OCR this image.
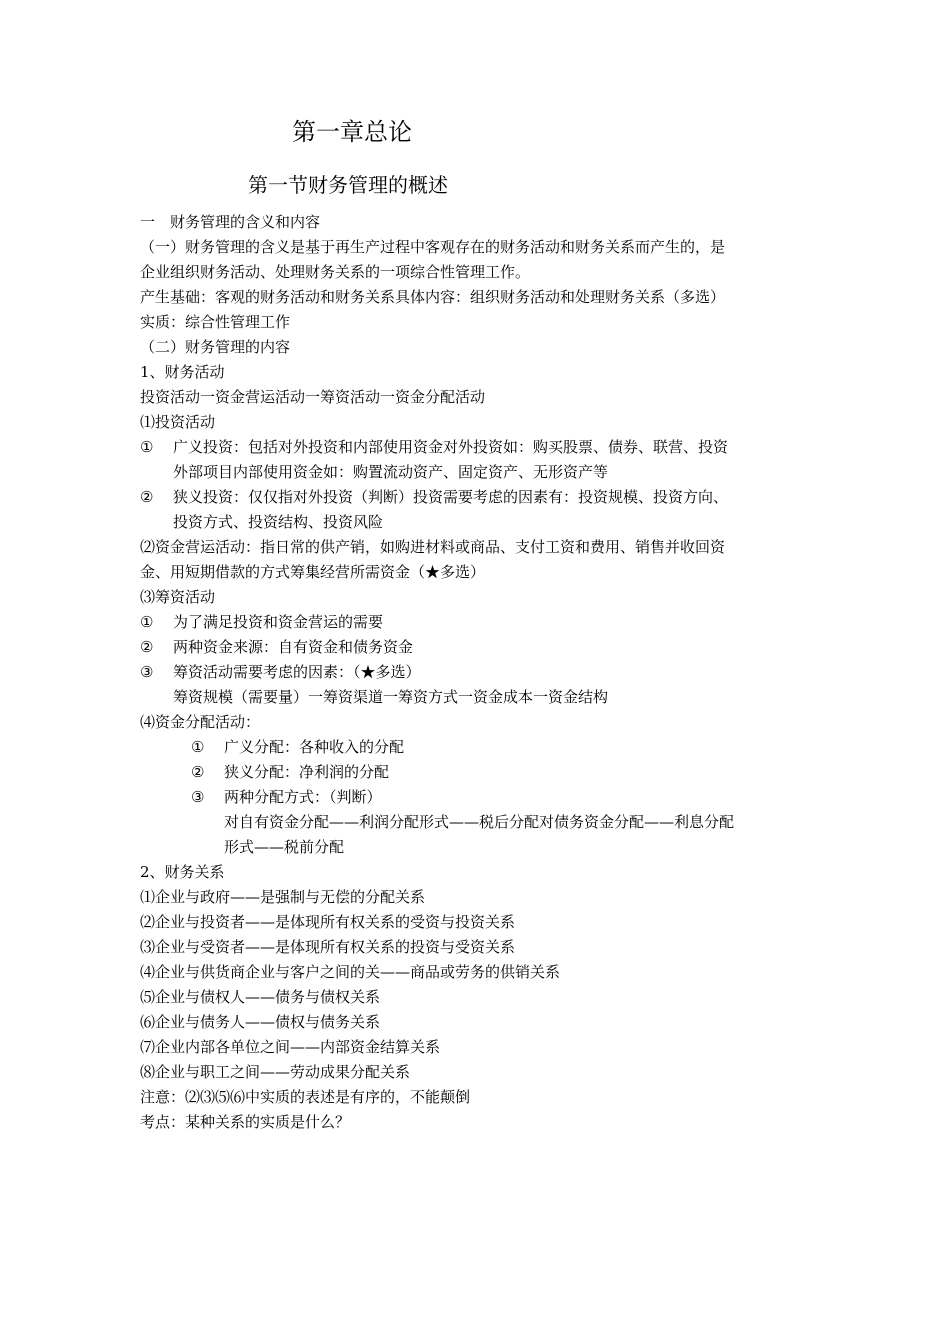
第一章总论
第一节财务管理的概述
一　财务管理的含义和内容
（一）财务管理的含义是基于再生产过程中客观存在的财务活动和财务关系而产生的，是
企业组织财务活动、处理财务关系的一项综合性管理工作。
产生基础：客观的财务活动和财务关系具体内容：组织财务活动和处理财务关系（多选）
实质：综合性管理工作
（二）财务管理的内容
1、财务活动
投资活动一资金营运活动一筹资活动一资金分配活动
⑴投资活动
① 广义投资：包括对外投资和内部使用资金对外投资如：购买股票、债券、联营、投资
外部项目内部使用资金如：购置流动资产、固定资产、无形资产等
② 狭义投资：仅仅指对外投资（判断）投资需要考虑的因素有：投资规模、投资方向、
投资方式、投资结构、投资风险
⑵资金营运活动：指日常的供产销，如购进材料或商品、支付工资和费用、销售并收回资
金、用短期借款的方式筹集经营所需资金（★多选）
⑶筹资活动
① 为了满足投资和资金营运的需要
② 两种资金来源：自有资金和债务资金
③ 筹资活动需要考虑的因素：（★多选）
筹资规模（需要量）一筹资渠道一筹资方式一资金成本一资金结构
⑷资金分配活动：
① 广义分配：各种收入的分配
② 狭义分配：净利润的分配
③ 两种分配方式：（判断）
对自有资金分配——利润分配形式——税后分配对债务资金分配——利息分配
形式——税前分配
2、财务关系
⑴企业与政府——是强制与无偿的分配关系
⑵企业与投资者——是体现所有权关系的受资与投资关系
⑶企业与受资者——是体现所有权关系的投资与受资关系
⑷企业与供货商企业与客户之间的关——商品或劳务的供销关系
⑸企业与债权人——债务与债权关系
⑹企业与债务人——债权与债务关系
⑺企业内部各单位之间——内部资金结算关系
⑻企业与职工之间——劳动成果分配关系
注意：⑵⑶⑸⑹中实质的表述是有序的，不能颠倒
考点：某种关系的实质是什么？
